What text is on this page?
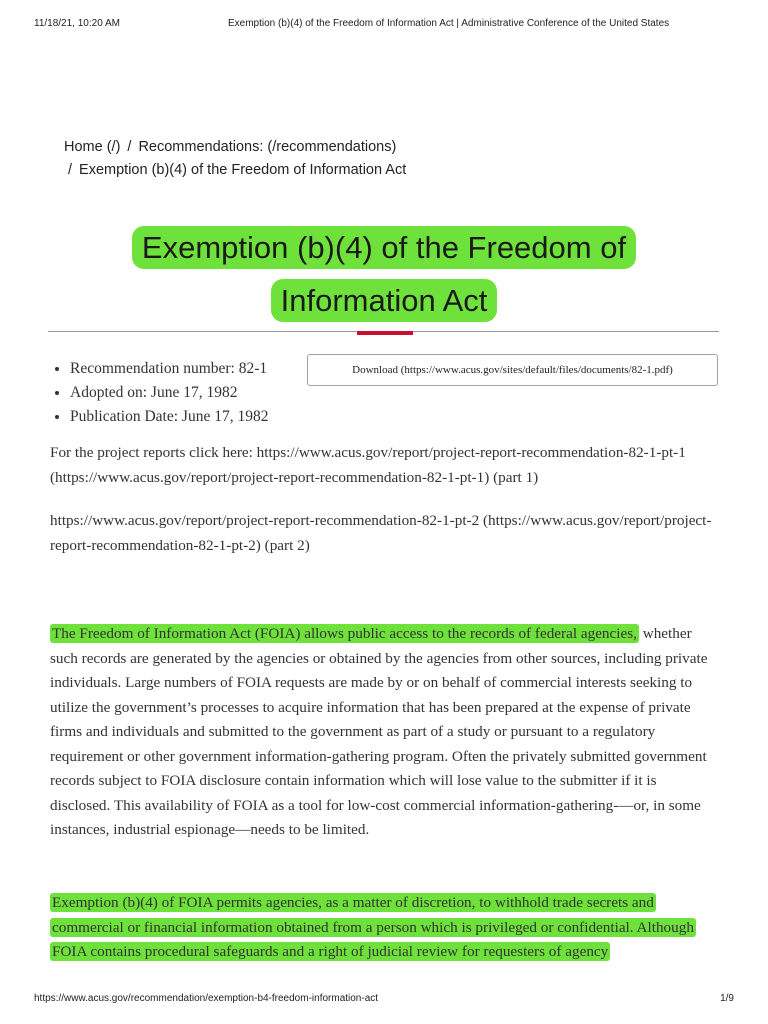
11/18/21, 10:20 AM	Exemption (b)(4) of the Freedom of Information Act | Administrative Conference of the United States
Home (/) / Recommendations: (/recommendations)
/ Exemption (b)(4) of the Freedom of Information Act
Exemption (b)(4) of the Freedom of
Information Act
• Recommendation number: 82-1
• Adopted on: June 17, 1982
• Publication Date: June 17, 1982
Download (https://www.acus.gov/sites/default/files/documents/82-1.pdf)

For the project reports click here: https://www.acus.gov/report/project-report-recommendation-82-1-pt-1 (https://www.acus.gov/report/project-report-recommendation-82-1-pt-1) (part 1)

https://www.acus.gov/report/project-report-recommendation-82-1-pt-2 (https://www.acus.gov/report/project-report-recommendation-82-1-pt-2) (part 2)

The Freedom of Information Act (FOIA) allows public access to the records of federal agencies, whether such records are generated by the agencies or obtained by the agencies from other sources, including private individuals. Large numbers of FOIA requests are made by or on behalf of commercial interests seeking to utilize the government’s processes to acquire information that has been prepared at the expense of private firms and individuals and submitted to the government as part of a study or pursuant to a regulatory requirement or other government information-gathering program. Often the privately submitted government records subject to FOIA disclosure contain information which will lose value to the submitter if it is disclosed. This availability of FOIA as a tool for low-cost commercial information-gathering-—or, in some instances, industrial espionage—needs to be limited.

Exemption (b)(4) of FOIA permits agencies, as a matter of discretion, to withhold trade secrets and commercial or financial information obtained from a person which is privileged or confidential. Although FOIA contains procedural safeguards and a right of judicial review for requesters of agency

https://www.acus.gov/recommendation/exemption-b4-freedom-information-act	1/9
